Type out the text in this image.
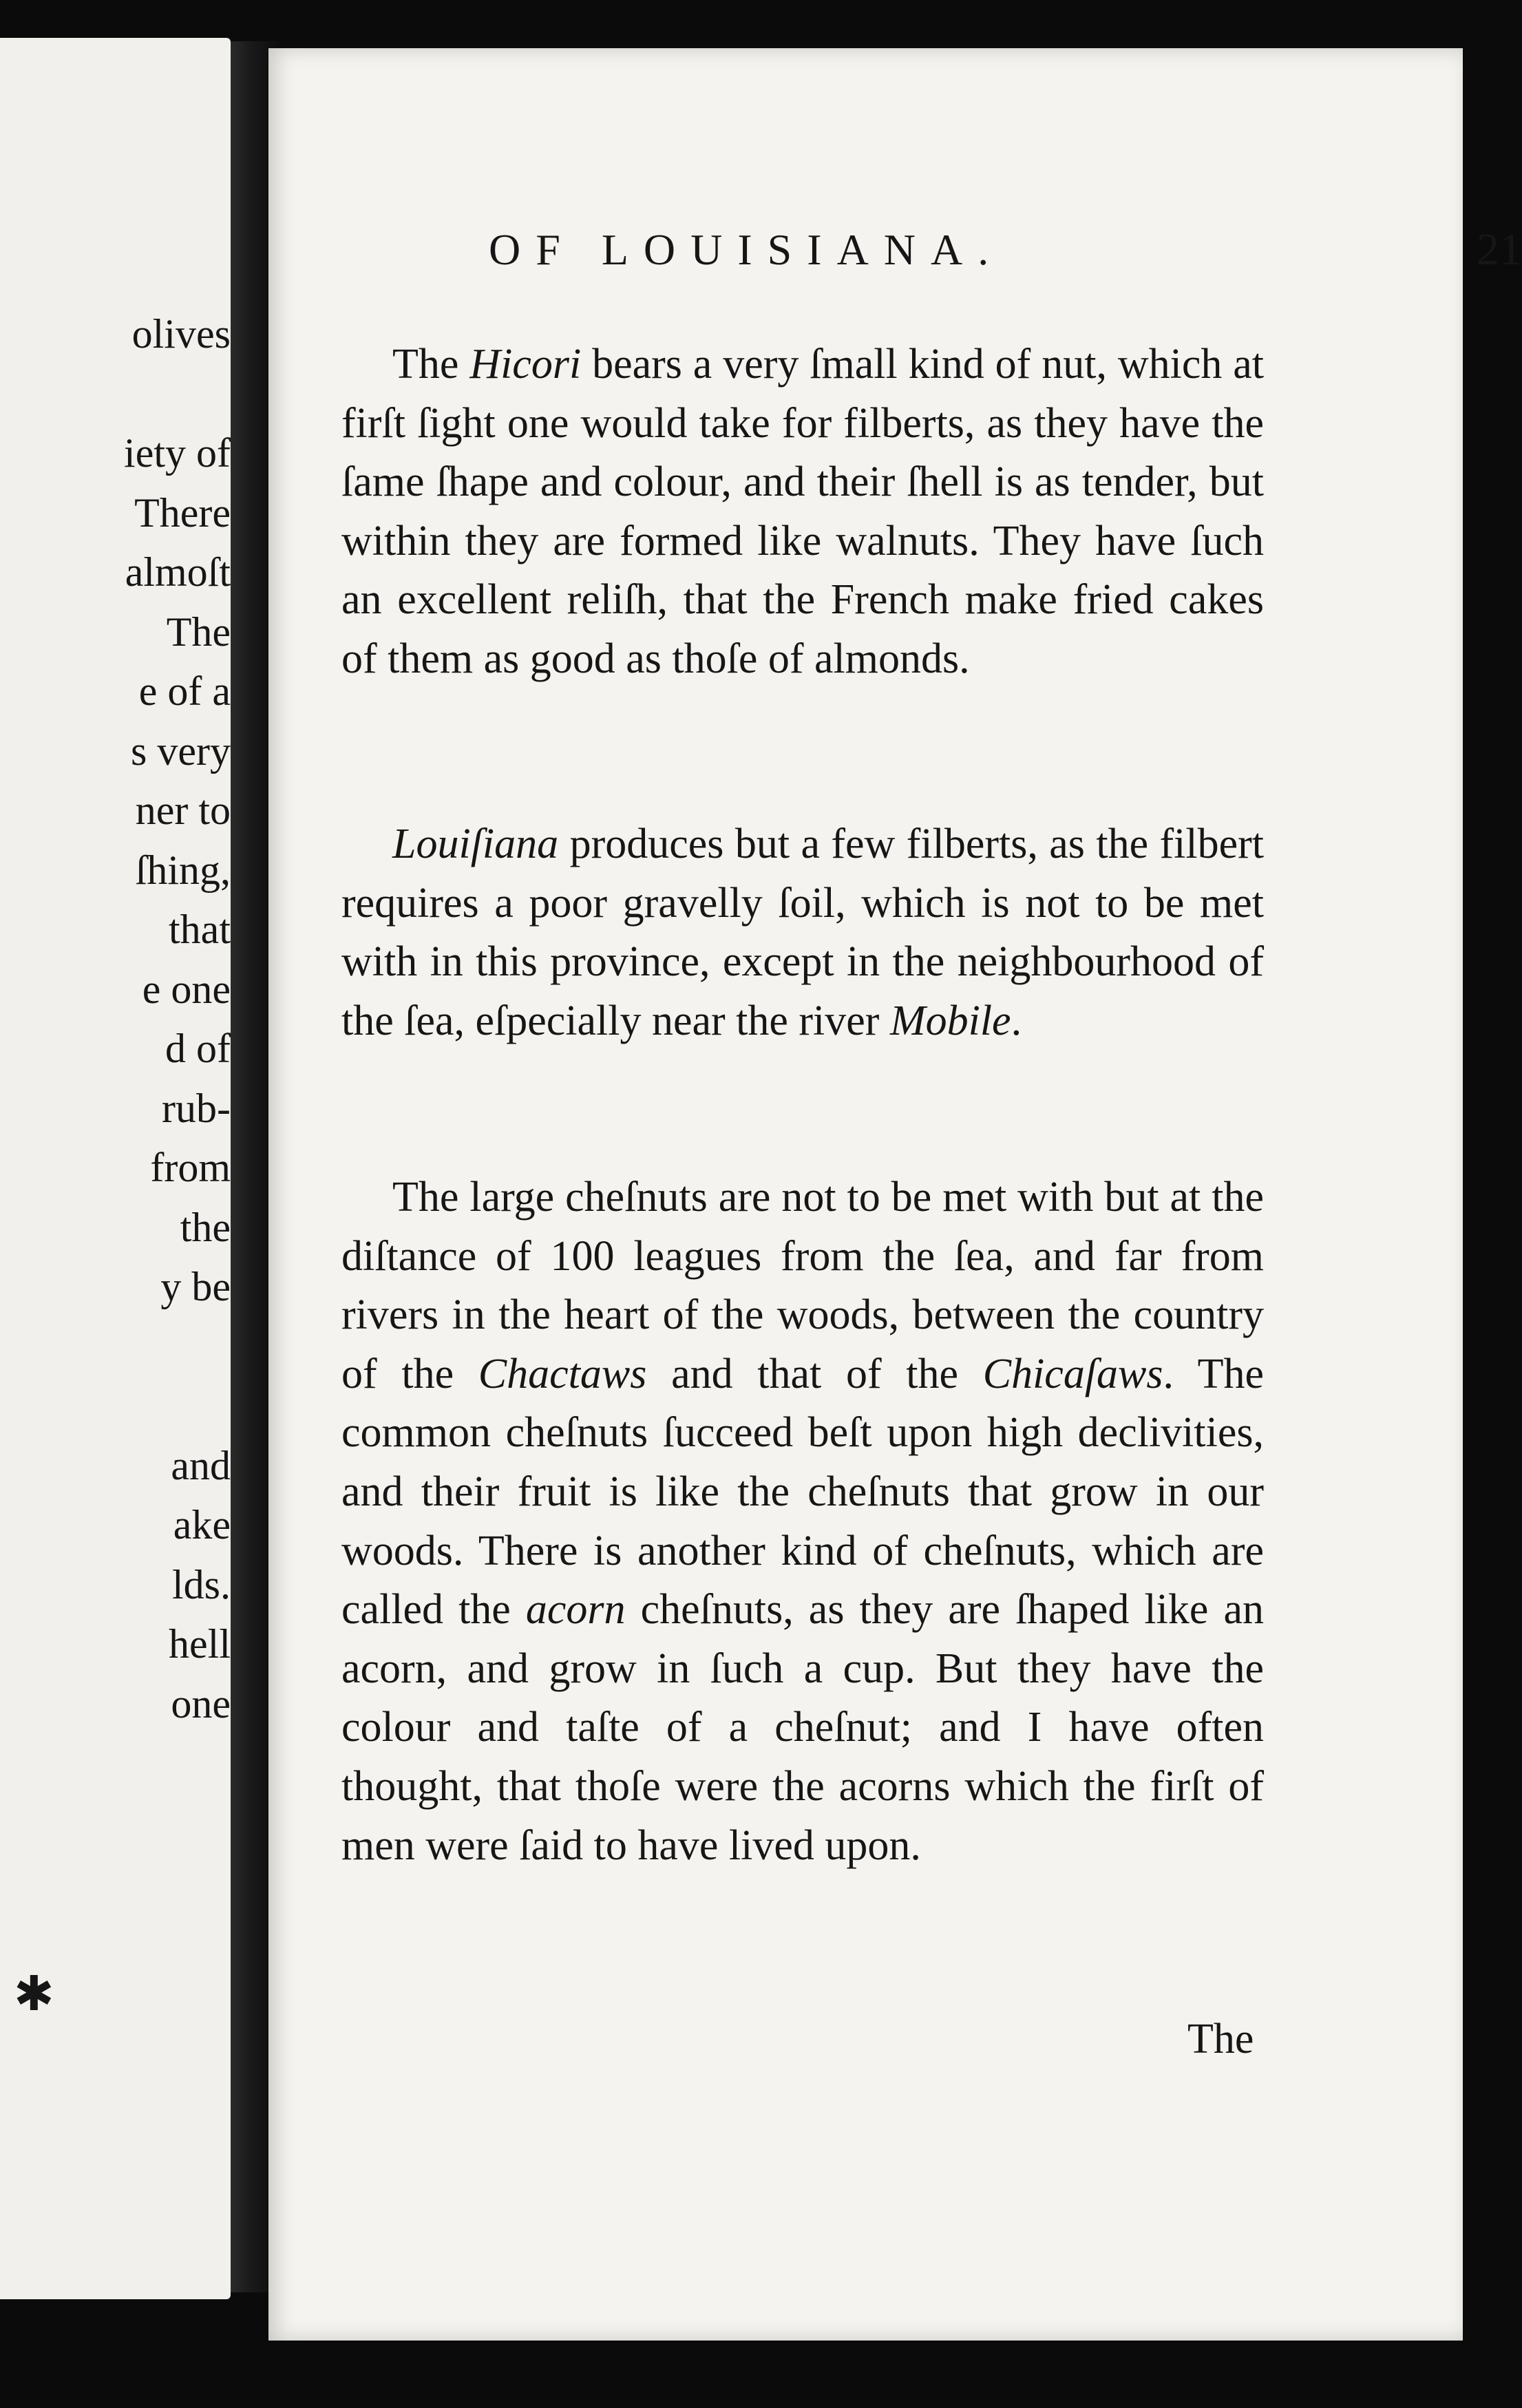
olives
iety of
There
almoſt
The
e of a
s very
ner to
ſhing,
that
e one
d of
rub-
from
the
y be
and
ake
lds.
hell
one
✱
OF LOUISIANA.	21

The Hicori bears a very ſmall kind of nut, which at firſt ſight one would take for filberts, as they have the ſame ſhape and colour, and their ſhell is as tender, but within they are formed like walnuts. They have ſuch an excellent reliſh, that the French make fried cakes of them as good as thoſe of almonds.

Louiſiana produces but a few filberts, as the filbert requires a poor gravelly ſoil, which is not to be met with in this province, except in the neighbourhood of the ſea, eſpecially near the river Mobile.

The large cheſnuts are not to be met with but at the diſtance of 100 leagues from the ſea, and far from rivers in the heart of the woods, between the country of the Chactaws and that of the Chicaſaws. The common cheſnuts ſucceed beſt upon high declivities, and their fruit is like the cheſnuts that grow in our woods. There is another kind of cheſnuts, which are called the acorn cheſnuts, as they are ſhaped like an acorn, and grow in ſuch a cup. But they have the colour and taſte of a cheſnut; and I have often thought, that thoſe were the acorns which the firſt of men were ſaid to have lived upon.

The
